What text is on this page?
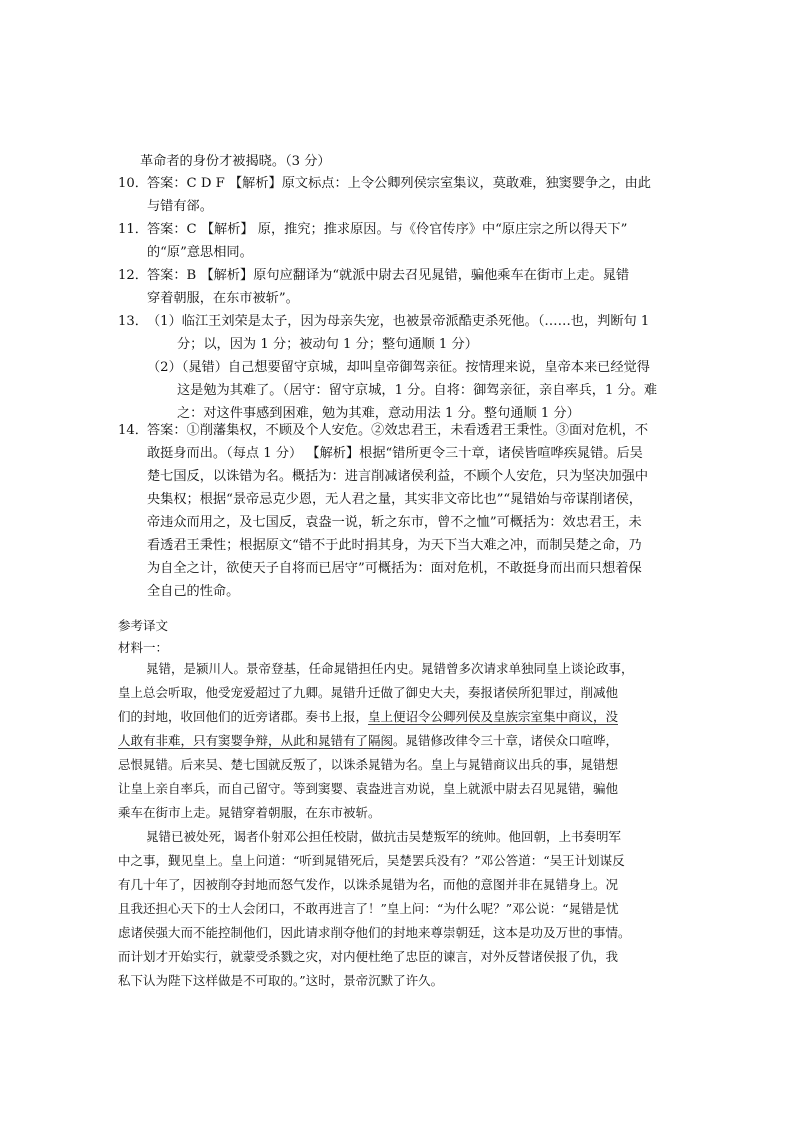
革命者的身份才被揭晓。（3 分）
10． 答案：C D F 【解析】原文标点：上令公卿列侯宗室集议，莫敢难，独窦婴争之，由此
与错有郤。
11． 答案：C 【解析】 原，推究；推求原因。与《伶官传序》中“原庄宗之所以得天下”
的“原”意思相同。
12． 答案：B 【解析】原句应翻译为“就派中尉去召见晁错，骗他乘车在街市上走。晁错
穿着朝服，在东市被斩”。
13． （1）临江王刘荣是太子，因为母亲失宠，也被景帝派酷吏杀死他。（……也，判断句 1
分；以，因为 1 分；被动句 1 分；整句通顺 1 分）
（2）（晁错）自己想要留守京城，却叫皇帝御驾亲征。按情理来说，皇帝本来已经觉得
这是勉为其难了。（居守：留守京城，1 分。自将：御驾亲征，亲自率兵，1 分。难
之：对这件事感到困难，勉为其难，意动用法 1 分。整句通顺 1 分）
14． 答案：①削藩集权，不顾及个人安危。②效忠君王，未看透君王秉性。③面对危机，不
敢挺身而出。（每点 1 分） 【解析】根据“错所更令三十章，诸侯皆喧哗疾晁错。后吴
楚七国反，以诛错为名。概括为：进言削减诸侯利益，不顾个人安危，只为坚决加强中
央集权；根据“景帝忌克少恩，无人君之量，其实非文帝比也”“晁错始与帝谋削诸侯，
帝违众而用之，及七国反，袁盎一说，斩之东市，曾不之恤”可概括为：效忠君王，未
看透君王秉性；根据原文“错不于此时捐其身，为天下当大难之冲，而制吴楚之命，乃
为自全之计，欲使天子自将而已居守”可概括为：面对危机，不敢挺身而出而只想着保
全自己的性命。
参考译文
材料一：
晁错，是颍川人。景帝登基，任命晁错担任内史。晁错曾多次请求单独同皇上谈论政事，
皇上总会听取，他受宠爱超过了九卿。晁错升迁做了御史大夫，奏报诸侯所犯罪过，削减他
们的封地，收回他们的近旁诸郡。奏书上报，皇上便诏令公卿列侯及皇族宗室集中商议，没
人敢有非难，只有窦婴争辩，从此和晁错有了隔阂。晁错修改律令三十章，诸侯众口喧哗，
忌恨晁错。后来吴、楚七国就反叛了，以诛杀晁错为名。皇上与晁错商议出兵的事，晁错想
让皇上亲自率兵，而自己留守。等到窦婴、袁盎进言劝说，皇上就派中尉去召见晁错，骗他
乘车在街市上走。晁错穿着朝服，在东市被斩。
晁错已被处死，谒者仆射邓公担任校尉，做抗击吴楚叛军的统帅。他回朝，上书奏明军
中之事，觐见皇上。皇上问道：“听到晁错死后，吴楚罢兵没有？”邓公答道：“吴王计划谋反
有几十年了，因被削夺封地而怒气发作，以诛杀晁错为名，而他的意图并非在晁错身上。况
且我还担心天下的士人会闭口，不敢再进言了！”皇上问：“为什么呢？”邓公说：“晁错是忧
虑诸侯强大而不能控制他们，因此请求削夺他们的封地来尊崇朝廷，这本是功及万世的事情。
而计划才开始实行，就蒙受杀戮之灾，对内便杜绝了忠臣的谏言，对外反替诸侯报了仇，我
私下认为陛下这样做是不可取的。”这时，景帝沉默了许久。
